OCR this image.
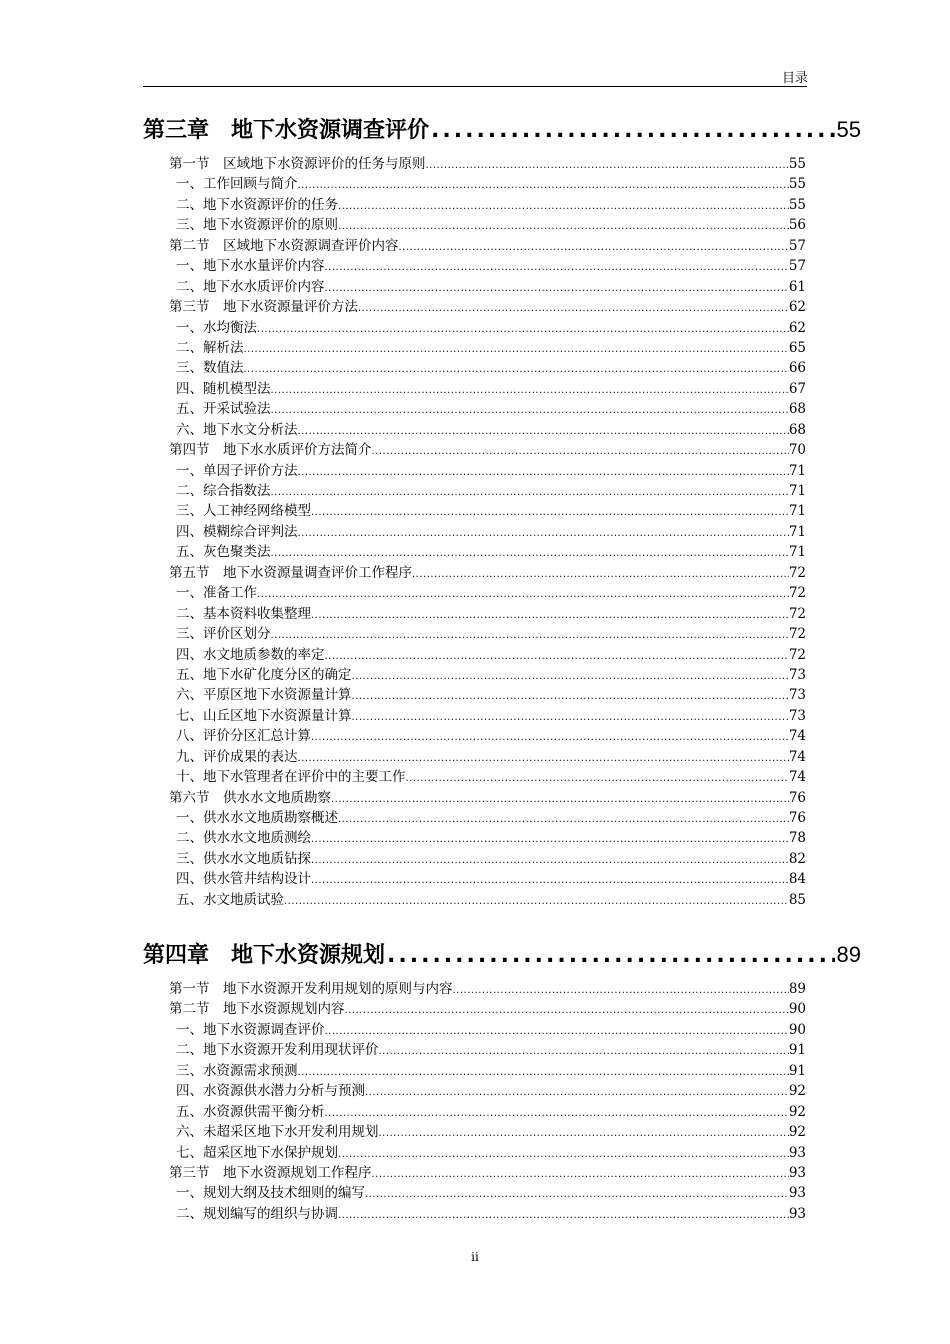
目录
第三章　地下水资源调查评价 .....	55
第一节　区域地下水资源评价的任务与原则 .....	55
一、工作回顾与简介 .....	55
二、地下水资源评价的任务 .....	55
三、地下水资源评价的原则 .....	56
第二节　区域地下水资源调查评价内容 .....	57
一、地下水水量评价内容 .....	57
二、地下水水质评价内容 .....	61
第三节　地下水资源量评价方法 .....	62
一、水均衡法 .....	62
二、解析法 .....	65
三、数值法 .....	66
四、随机模型法 .....	67
五、开采试验法 .....	68
六、地下水文分析法 .....	68
第四节　地下水水质评价方法简介 .....	70
一、单因子评价方法 .....	71
二、综合指数法 .....	71
三、人工神经网络模型 .....	71
四、模糊综合评判法 .....	71
五、灰色聚类法 .....	71
第五节　地下水资源量调查评价工作程序 .....	72
一、准备工作 .....	72
二、基本资料收集整理 .....	72
三、评价区划分 .....	72
四、水文地质参数的率定 .....	72
五、地下水矿化度分区的确定 .....	73
六、平原区地下水资源量计算 .....	73
七、山丘区地下水资源量计算 .....	73
八、评价分区汇总计算 .....	74
九、评价成果的表达 .....	74
十、地下水管理者在评价中的主要工作 .....	74
第六节　供水水文地质勘察 .....	76
一、供水水文地质勘察概述 .....	76
二、供水水文地质测绘 .....	78
三、供水水文地质钻探 .....	82
四、供水管井结构设计 .....	84
五、水文地质试验 .....	85
第四章　地下水资源规划 .....	89
第一节　地下水资源开发利用规划的原则与内容 .....	89
第二节　地下水资源规划内容 .....	90
一、地下水资源调查评价 .....	90
二、地下水资源开发利用现状评价 .....	91
三、水资源需求预测 .....	91
四、水资源供水潜力分析与预测 .....	92
五、水资源供需平衡分析 .....	92
六、未超采区地下水开发利用规划 .....	92
七、超采区地下水保护规划 .....	93
第三节　地下水资源规划工作程序 .....	93
一、规划大纲及技术细则的编写 .....	93
二、规划编写的组织与协调 .....	93
ii
